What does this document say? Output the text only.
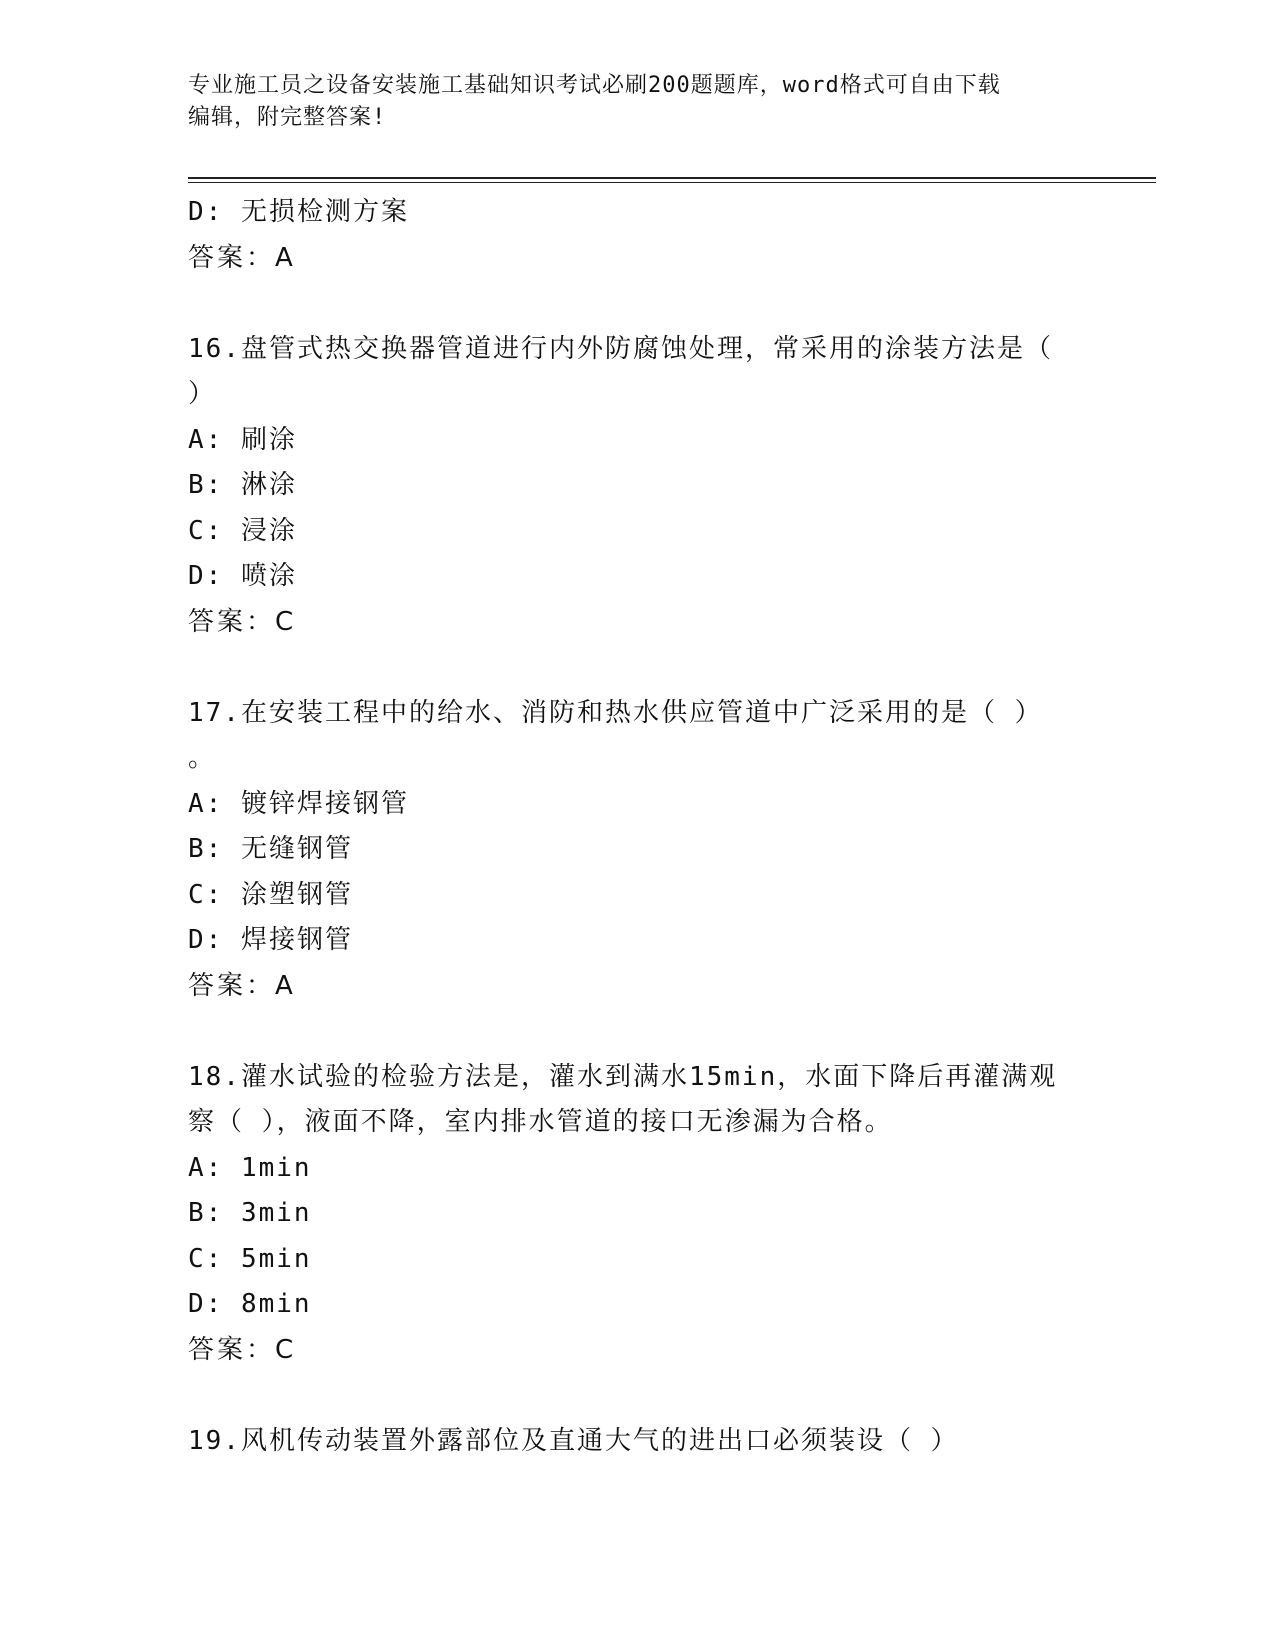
专业施工员之设备安装施工基础知识考试必刷200题题库，word格式可自由下载
编辑，附完整答案!
D: 无损检测方案
答案：A
16.盘管式热交换器管道进行内外防腐蚀处理，常采用的涂装方法是（
）
A: 刷涂
B: 淋涂
C: 浸涂
D: 喷涂
答案：C
17.在安装工程中的给水、消防和热水供应管道中广泛采用的是（ ）
。
A: 镀锌焊接钢管
B: 无缝钢管
C: 涂塑钢管
D: 焊接钢管
答案：A
18.灌水试验的检验方法是，灌水到满水15min，水面下降后再灌满观
察（ ），液面不降，室内排水管道的接口无渗漏为合格。
A: 1min
B: 3min
C: 5min
D: 8min
答案：C
19.风机传动装置外露部位及直通大气的进出口必须装设（ ）
